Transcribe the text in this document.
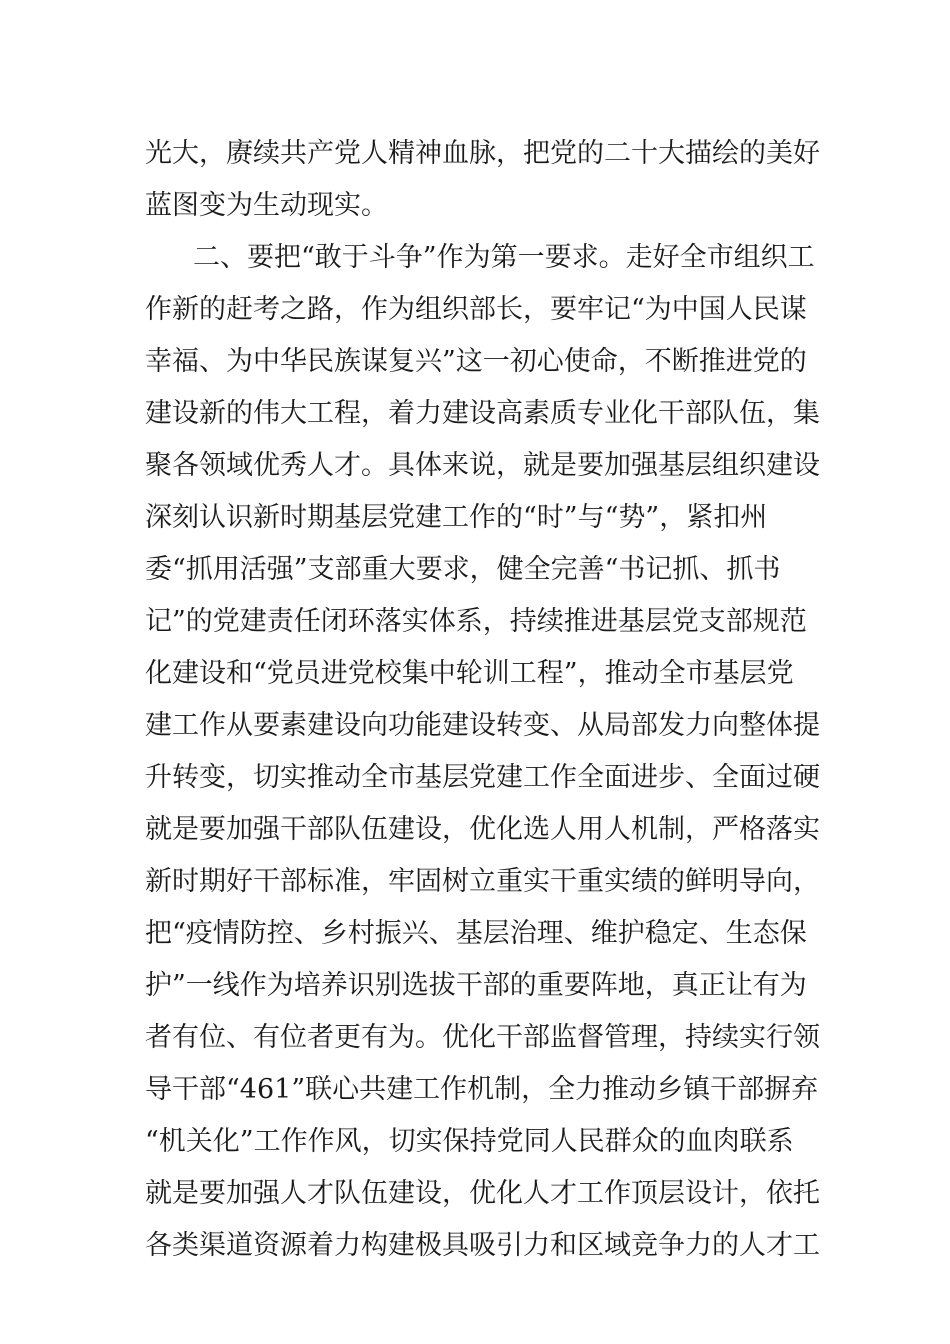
光大，赓续共产党人精神血脉，把党的二十大描绘的美好
蓝图变为生动现实。
二、要把“敢于斗争”作为第一要求。走好全市组织工
作新的赶考之路，作为组织部长，要牢记“为中国人民谋
幸福、为中华民族谋复兴”这一初心使命，不断推进党的
建设新的伟大工程，着力建设高素质专业化干部队伍，集
聚各领域优秀人才。具体来说，就是要加强基层组织建设
深刻认识新时期基层党建工作的“时”与“势”，紧扣州
委“抓用活强”支部重大要求，健全完善“书记抓、抓书
记”的党建责任闭环落实体系，持续推进基层党支部规范
化建设和“党员进党校集中轮训工程”，推动全市基层党
建工作从要素建设向功能建设转变、从局部发力向整体提
升转变，切实推动全市基层党建工作全面进步、全面过硬
就是要加强干部队伍建设，优化选人用人机制，严格落实
新时期好干部标准，牢固树立重实干重实绩的鲜明导向，
把“疫情防控、乡村振兴、基层治理、维护稳定、生态保
护”一线作为培养识别选拔干部的重要阵地，真正让有为
者有位、有位者更有为。优化干部监督管理，持续实行领
导干部“461”联心共建工作机制，全力推动乡镇干部摒弃
“机关化”工作作风，切实保持党同人民群众的血肉联系
就是要加强人才队伍建设，优化人才工作顶层设计，依托
各类渠道资源着力构建极具吸引力和区域竞争力的人才工
